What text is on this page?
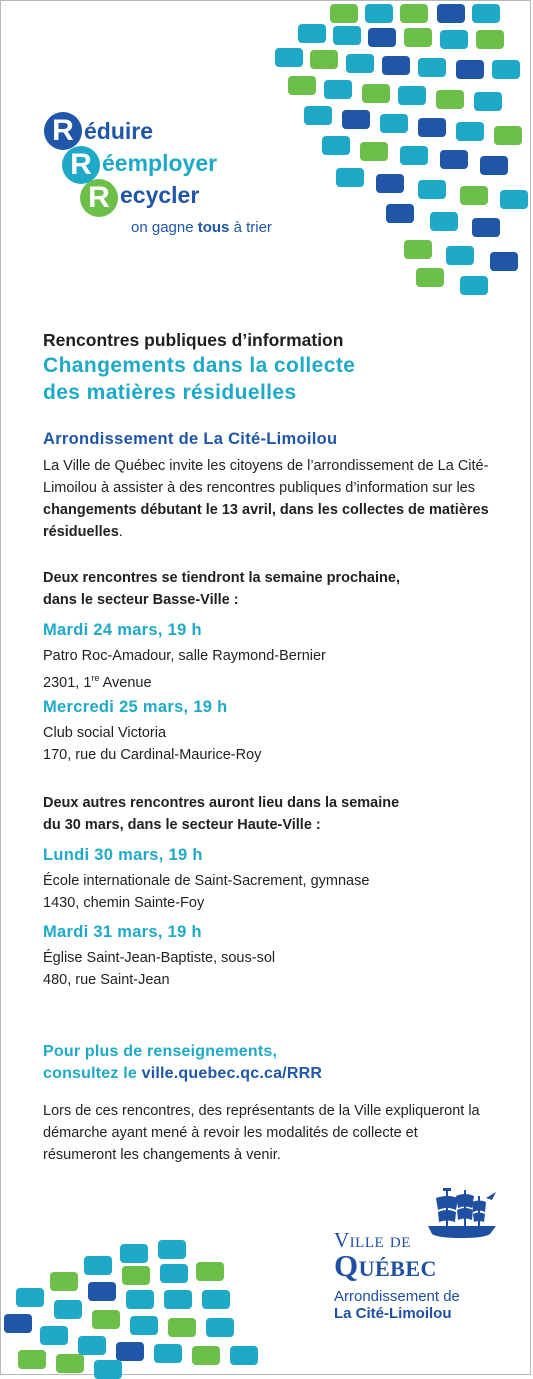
R éduire
R éemployer
R ecycler
on gagne tous à trier
Rencontres publiques d’information
Changements dans la collecte
des matières résiduelles
Arrondissement de La Cité-Limoilou
La Ville de Québec invite les citoyens de l’arrondissement de La Cité-Limoilou à assister à des rencontres publiques d’information sur les changements débutant le 13 avril, dans les collectes de matières résiduelles.
Deux rencontres se tiendront la semaine prochaine,
dans le secteur Basse-Ville :
Mardi 24 mars, 19 h
Patro Roc-Amadour, salle Raymond-Bernier
2301, 1re Avenue
Mercredi 25 mars, 19 h
Club social Victoria
170, rue du Cardinal-Maurice-Roy
Deux autres rencontres auront lieu dans la semaine
du 30 mars, dans le secteur Haute-Ville :
Lundi 30 mars, 19 h
École internationale de Saint-Sacrement, gymnase
1430, chemin Sainte-Foy
Mardi 31 mars, 19 h
Église Saint-Jean-Baptiste, sous-sol
480, rue Saint-Jean
Pour plus de renseignements,
consultez le ville.quebec.qc.ca/RRR
Lors de ces rencontres, des représentants de la Ville expliqueront la démarche ayant mené à revoir les modalités de collecte et résumeront les changements à venir.
Ville de
Québec
Arrondissement de
La Cité-Limoilou
